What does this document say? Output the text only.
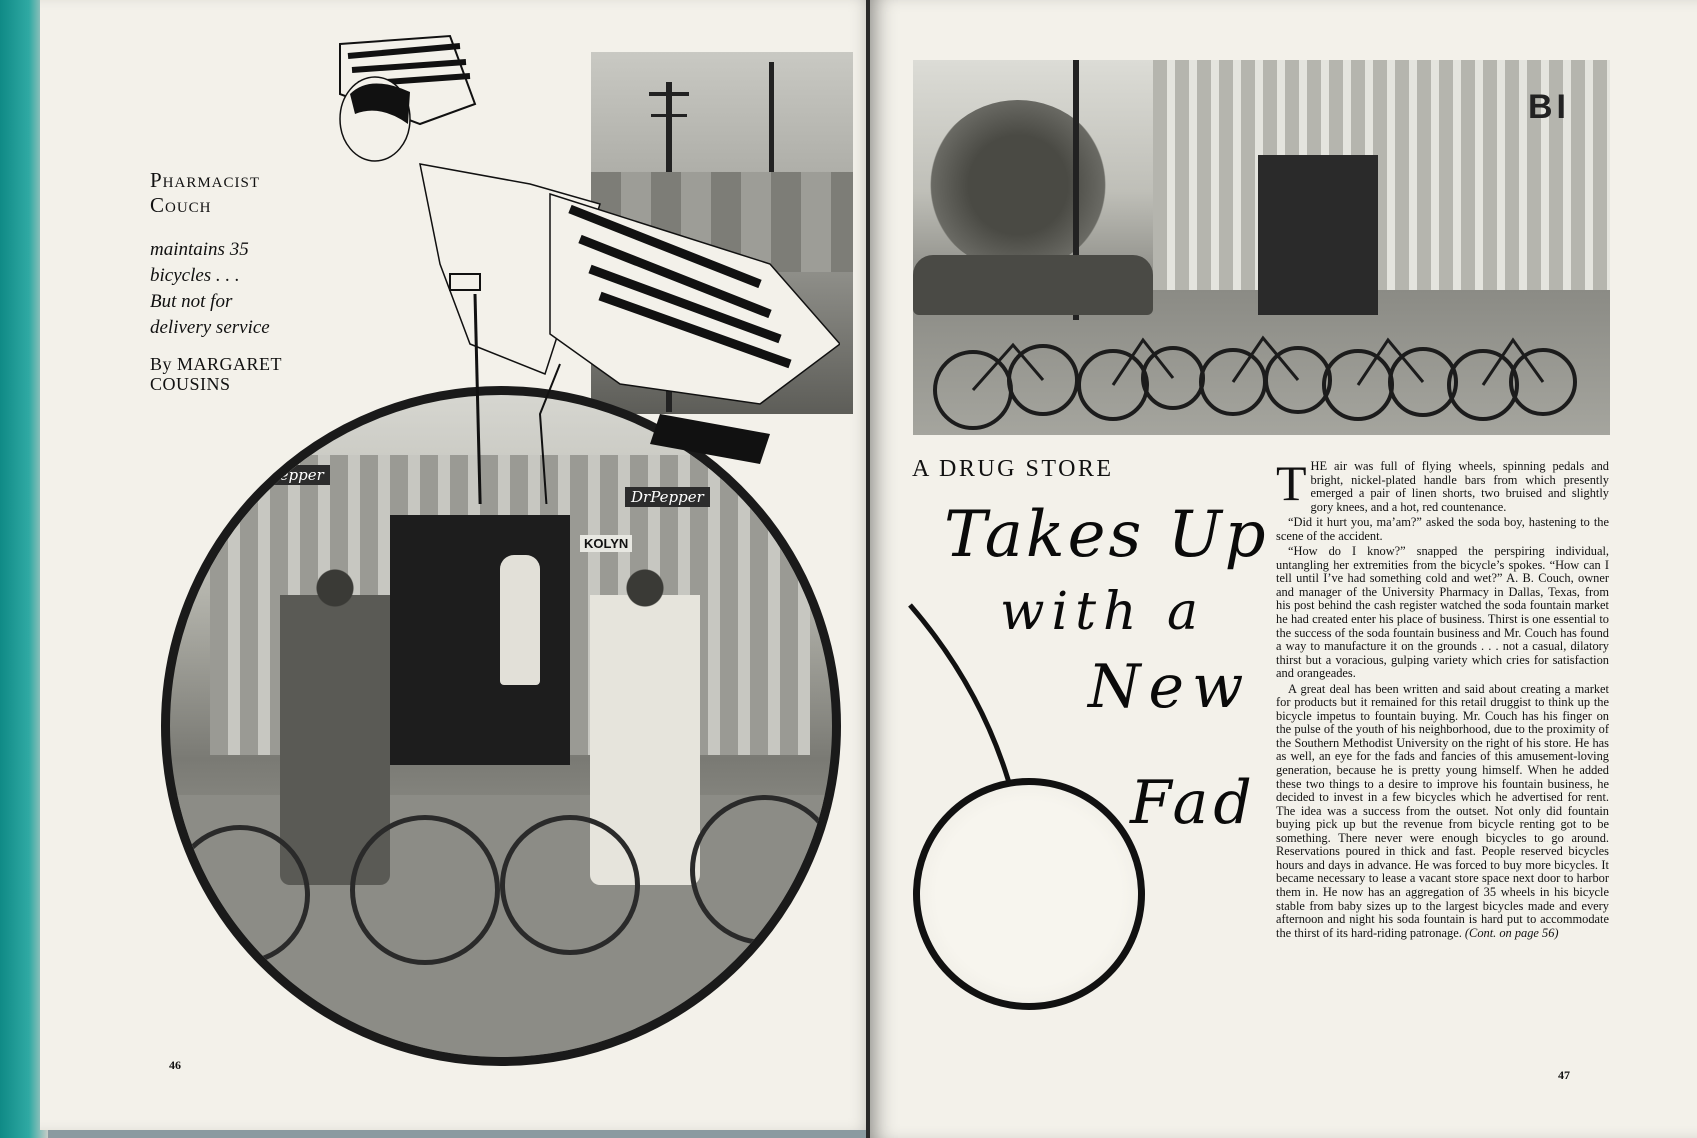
DrPepper
DrPepper
KOLYN
Pharmacist
Couch
maintains 35
bicycles . . .
But not for
delivery service
By MARGARET
COUSINS
46
BI
A DRUG STORE
Takes Up
with a
New
Fad

THE air was full of flying wheels, spinning pedals and bright, nickel-plated handle bars from which presently emerged a pair of linen shorts, two bruised and slightly gory knees, and a hot, red countenance.

“Did it hurt you, ma’am?” asked the soda boy, hastening to the scene of the accident.

“How do I know?” snapped the perspiring individual, untangling her extremities from the bicycle’s spokes. “How can I tell until I’ve had something cold and wet?” A. B. Couch, owner and manager of the University Pharmacy in Dallas, Texas, from his post behind the cash register watched the soda fountain market he had created enter his place of business. Thirst is one essential to the success of the soda fountain business and Mr. Couch has found a way to manufacture it on the grounds . . . not a casual, dilatory thirst but a voracious, gulping variety which cries for satisfaction and orangeades.

A great deal has been written and said about creating a market for products but it remained for this retail druggist to think up the bicycle impetus to fountain buying. Mr. Couch has his finger on the pulse of the youth of his neighborhood, due to the proximity of the Southern Methodist University on the right of his store. He has as well, an eye for the fads and fancies of this amusement-loving generation, because he is pretty young himself. When he added these two things to a desire to improve his fountain business, he decided to invest in a few bicycles which he advertised for rent. The idea was a success from the outset. Not only did fountain buying pick up but the revenue from bicycle renting got to be something. There never were enough bicycles to go around. Reservations poured in thick and fast. People reserved bicycles hours and days in advance. He was forced to buy more bicycles. It became necessary to lease a vacant store space next door to harbor them in. He now has an aggregation of 35 wheels in his bicycle stable from baby sizes up to the largest bicycles made and every afternoon and night his soda fountain is hard put to accommodate the thirst of its hard-riding patronage. (Cont. on page 56)

47
